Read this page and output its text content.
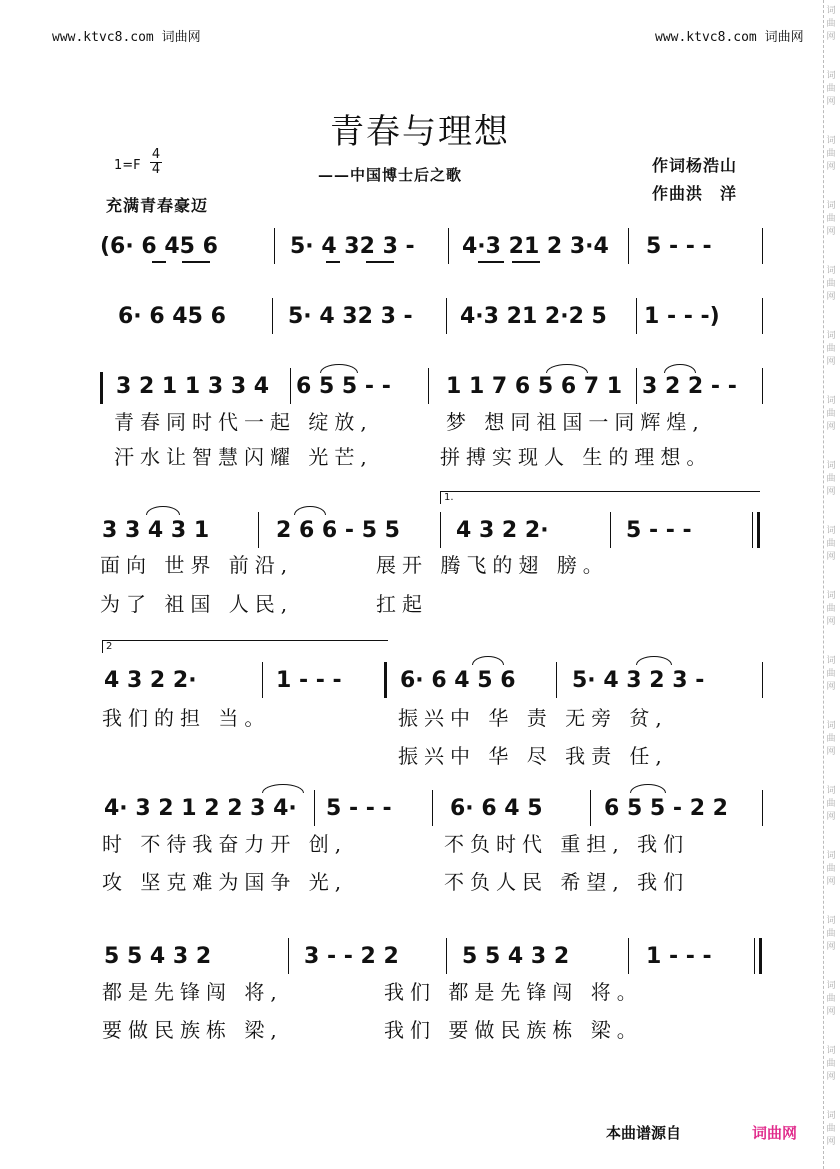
www.ktvc8.com 词曲网	www.ktvc8.com 词曲网
词
曲
网
词
曲
网
词
曲
网
词
曲
网
词
曲
网
词
曲
网
词
曲
网
词
曲
网
词
曲
网
词
曲
网
词
曲
网
词
曲
网
词
曲
网
词
曲
网
词
曲
网
词
曲
网
词
曲
网
词
曲
网
青春与理想
——中国博士后之歌
$1=F \frac{4}{4}$
充满青春豪迈
作词杨浩山
作曲洪　洋
(6· 6 45 6	5· 4 32 3 - 4·3 21 2 3·4 5 - - -
6· 6 45 6	5· 4 32 3 - 4·3 21 2·2 5 1 - - -)
3 2 1 1 3 3 4 6 5 5 - -	1 1 7 6 5 6 7 1 3 2 2 - -
青春同时代一起 绽放,	梦 想同祖国一同辉煌,
汗水让智慧闪耀 光芒,	拼搏实现人 生的理想。
1.
3 3 4 3 1	2 6 6 - 5 5	4 3 2 2·	5 - - -
面向 世界 前沿,	展开 腾飞的翅 膀。
为了 祖国 人民,	扛起
2
4 3 2 2·	1 - - -	6· 6 4 5 6	5· 4 3 2 3 -
我们的担 当。	振兴中 华 责 无旁 贫,
振兴中 华 尽 我责 任,
4· 3 2 1 2 2 3 4· 5 - - -	6· 6 4 5	6 5 5 - 2 2
时 不待我奋力开 创,	不负时代 重担, 我们
攻 坚克难为国争 光,	不负人民 希望, 我们
5 5 4 3 2	3 - - 2 2	5 5 4 3 2	1 - - -
都是先锋闯 将,	我们 都是先锋闯 将。
要做民族栋 梁,	我们 要做民族栋 梁。
本曲谱源自	词曲网
